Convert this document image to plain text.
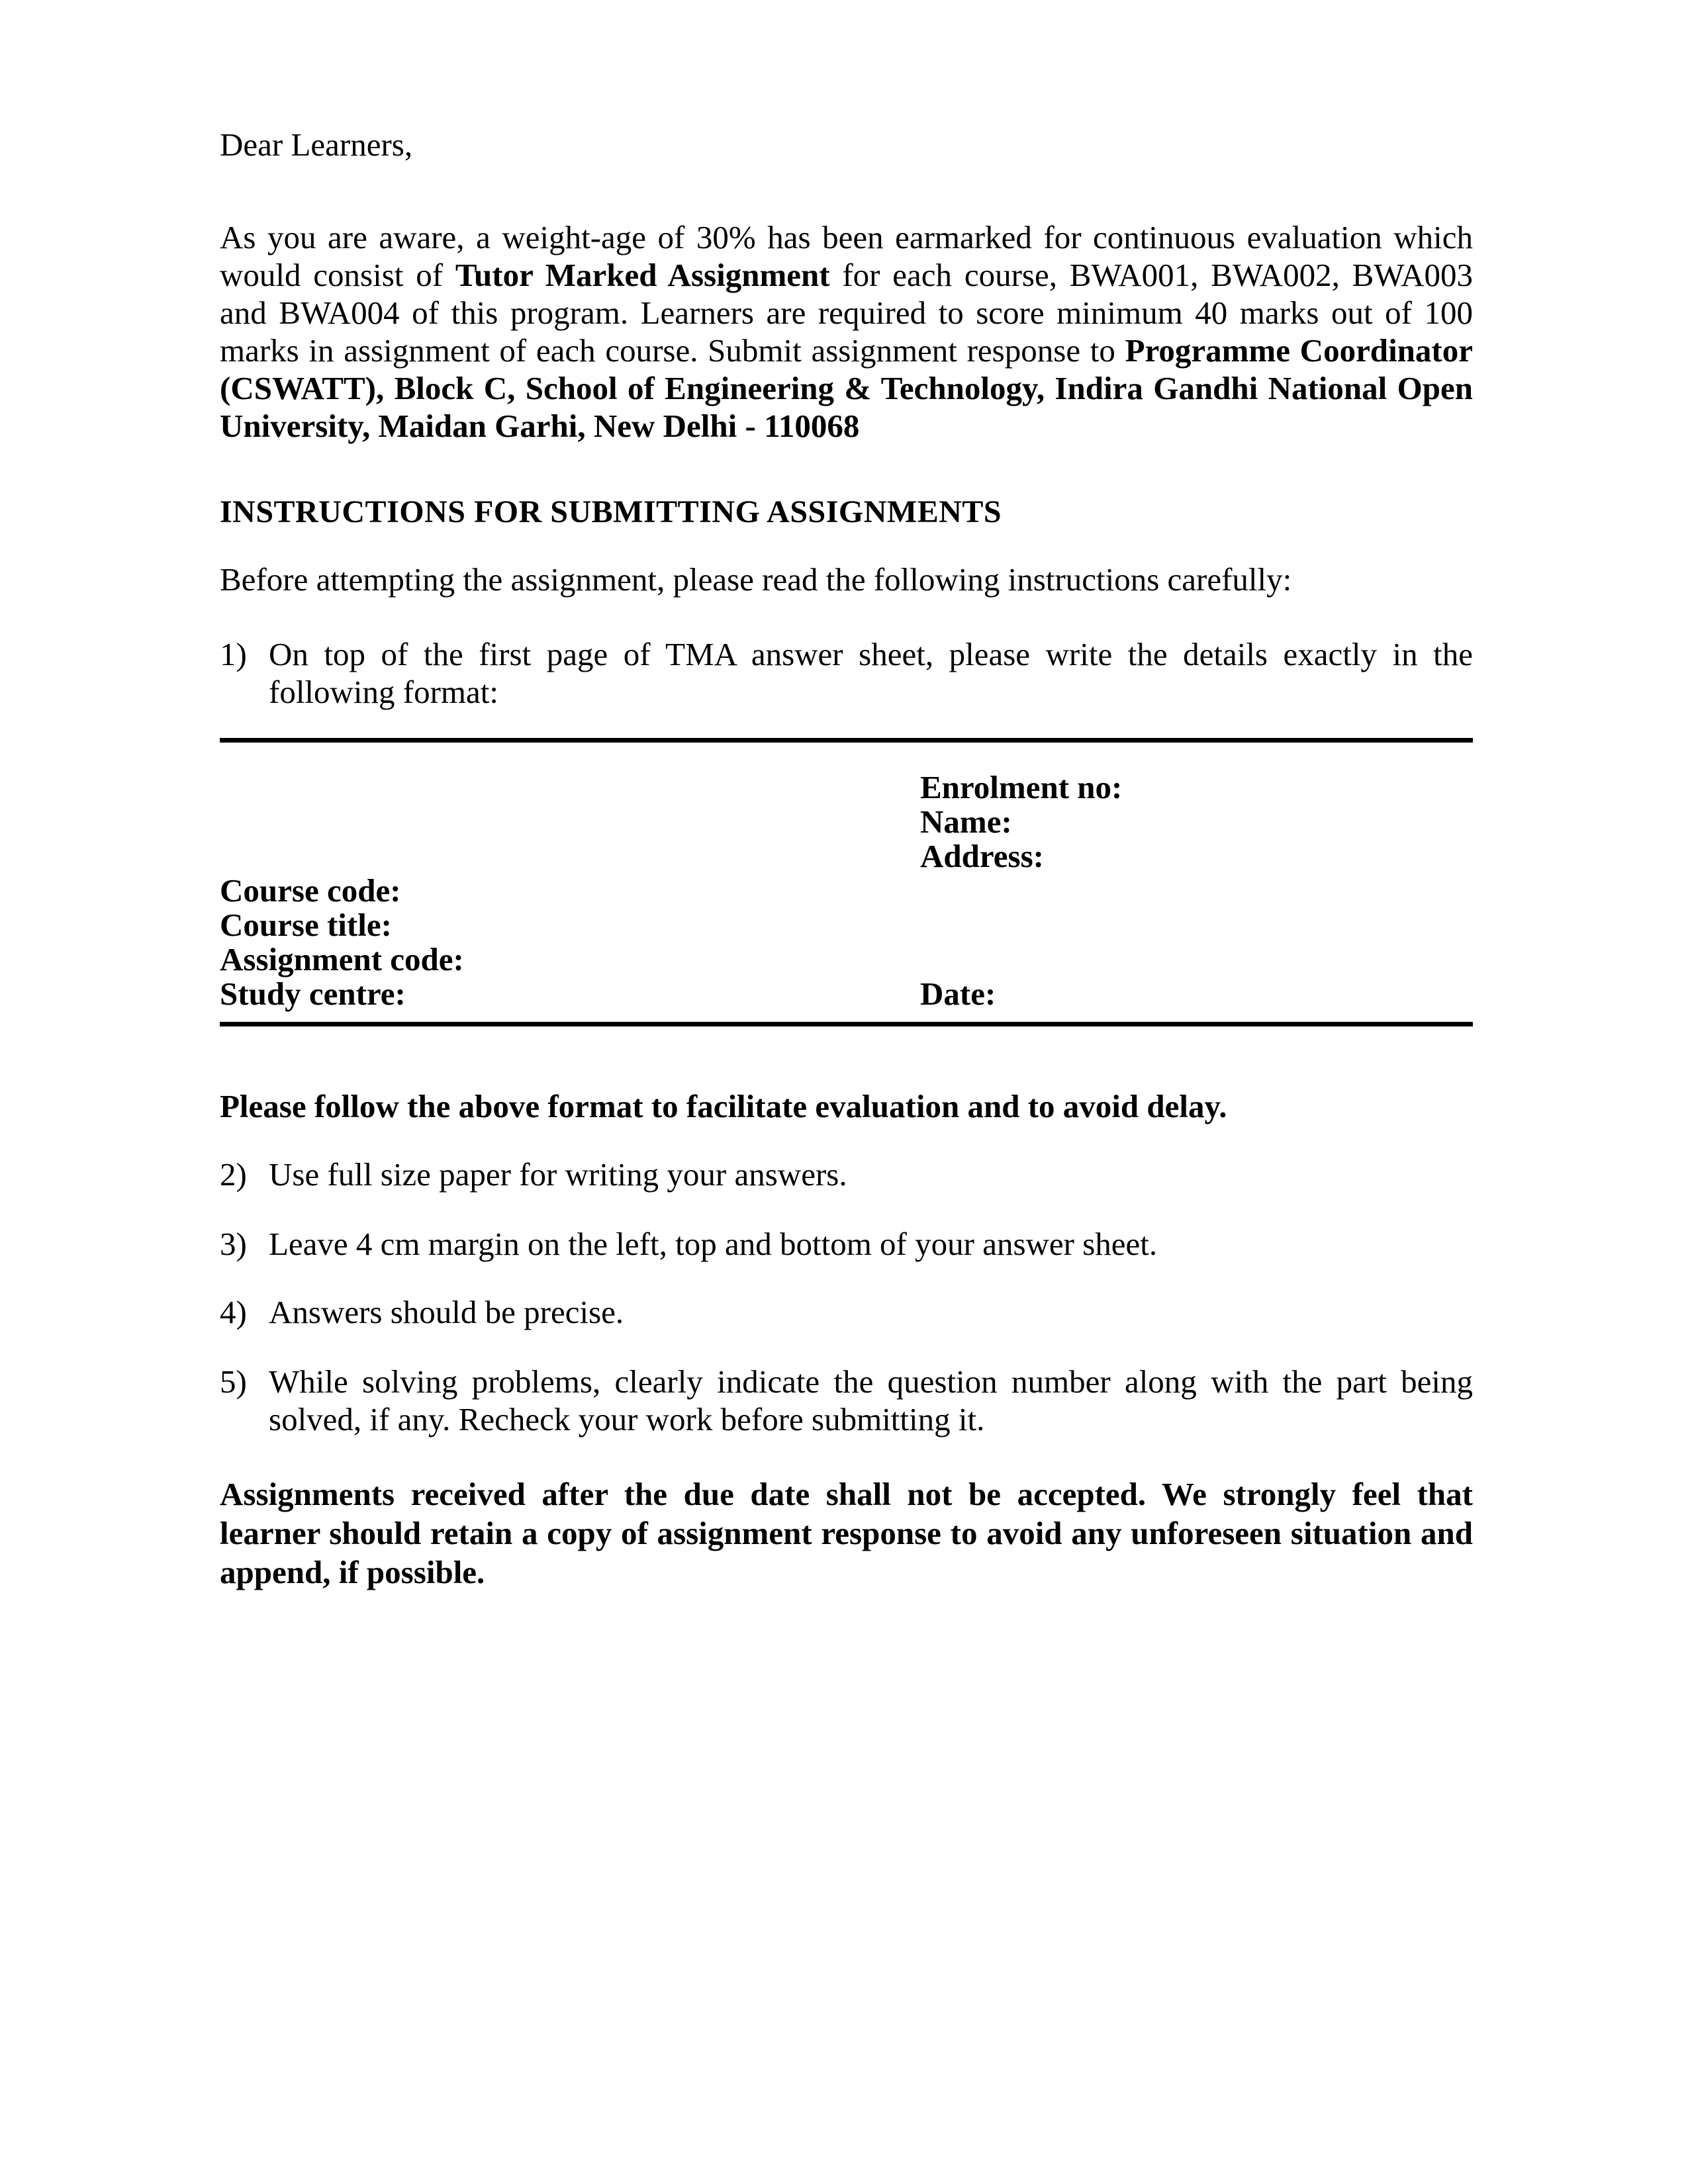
Dear Learners,

As you are aware, a weight-age of 30% has been earmarked for continuous evaluation which would consist of Tutor Marked Assignment for each course, BWA001, BWA002, BWA003 and BWA004 of this program. Learners are required to score minimum 40 marks out of 100 marks in assignment of each course. Submit assignment response to Programme Coordinator (CSWATT), Block C, School of Engineering & Technology, Indira Gandhi National Open University, Maidan Garhi, New Delhi - 110068

INSTRUCTIONS FOR SUBMITTING ASSIGNMENTS

Before attempting the assignment, please read the following instructions carefully:

1) On top of the first page of TMA answer sheet, please write the details exactly in the following format:
Enrolment no:
Name:
Address:
Course code:
Course title:
Assignment code:
Study centre:	Date:

Please follow the above format to facilitate evaluation and to avoid delay.

2) Use full size paper for writing your answers.
3) Leave 4 cm margin on the left, top and bottom of your answer sheet.
4) Answers should be precise.
5) While solving problems, clearly indicate the question number along with the part being solved, if any. Recheck your work before submitting it.

Assignments received after the due date shall not be accepted. We strongly feel that learner should retain a copy of assignment response to avoid any unforeseen situation and append, if possible.
